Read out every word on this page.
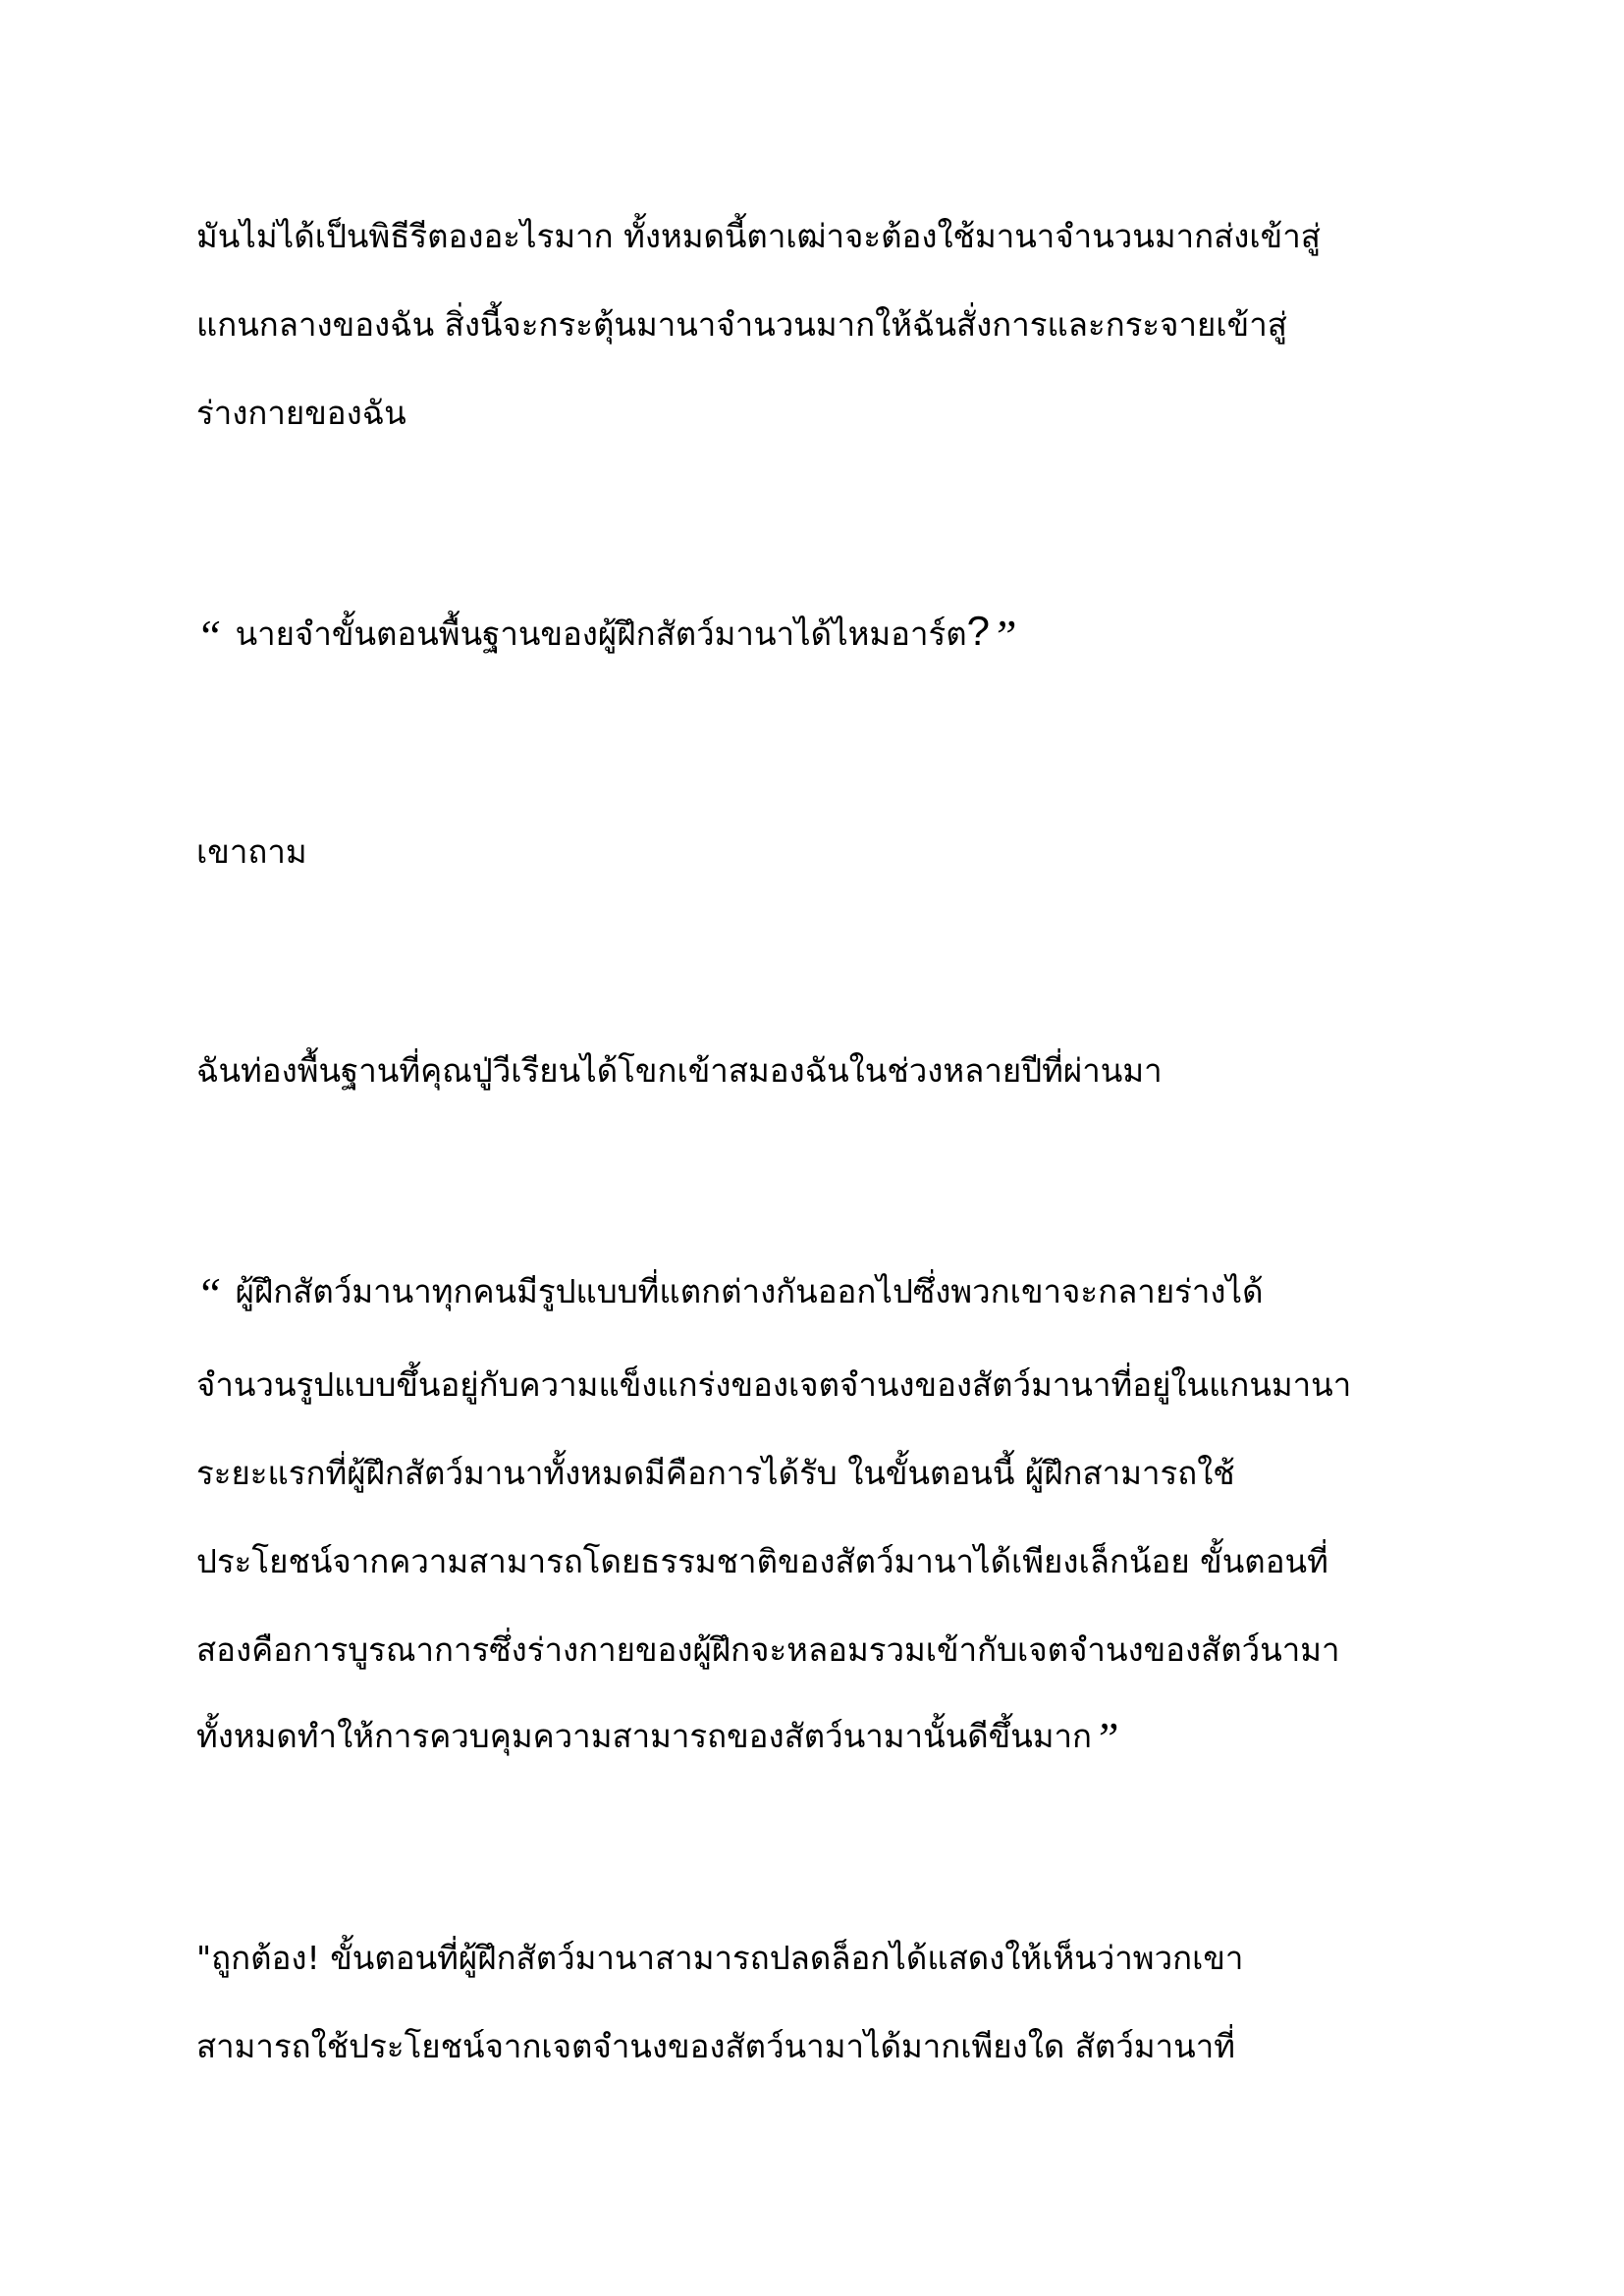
มันไม่ได้เป็นพิธีรีตองอะไรมาก ทั้งหมดนี้ตาเฒ่าจะต้องใช้มานาจำนวนมากส่งเข้าสู่
แกนกลางของฉัน สิ่งนี้จะกระตุ้นมานาจำนวนมากให้ฉันสั่งการและกระจายเข้าสู่
ร่างกายของฉัน
“ นายจำขั้นตอนพื้นฐานของผู้ฝึกสัตว์มานาได้ไหมอาร์ต?”
เขาถาม
ฉันท่องพื้นฐานที่คุณปู่วีเรียนได้โขกเข้าสมองฉันในช่วงหลายปีที่ผ่านมา
“ ผู้ฝึกสัตว์มานาทุกคนมีรูปแบบที่แตกต่างกันออกไปซึ่งพวกเขาจะกลายร่างได้
จำนวนรูปแบบขึ้นอยู่กับความแข็งแกร่งของเจตจำนงของสัตว์มานาที่อยู่ในแกนมานา
ระยะแรกที่ผู้ฝึกสัตว์มานาทั้งหมดมีคือการได้รับ ในขั้นตอนนี้ ผู้ฝึกสามารถใช้
ประโยชน์จากความสามารถโดยธรรมชาติของสัตว์มานาได้เพียงเล็กน้อย ขั้นตอนที่
สองคือการบูรณาการซึ่งร่างกายของผู้ฝึกจะหลอมรวมเข้ากับเจตจำนงของสัตว์นามา
ทั้งหมดทำให้การควบคุมความสามารถของสัตว์นามานั้นดีขึ้นมาก”
"ถูกต้อง! ขั้นตอนที่ผู้ฝึกสัตว์มานาสามารถปลดล็อกได้แสดงให้เห็นว่าพวกเขา
สามารถใช้ประโยชน์จากเจตจำนงของสัตว์นามาได้มากเพียงใด สัตว์มานาที่
